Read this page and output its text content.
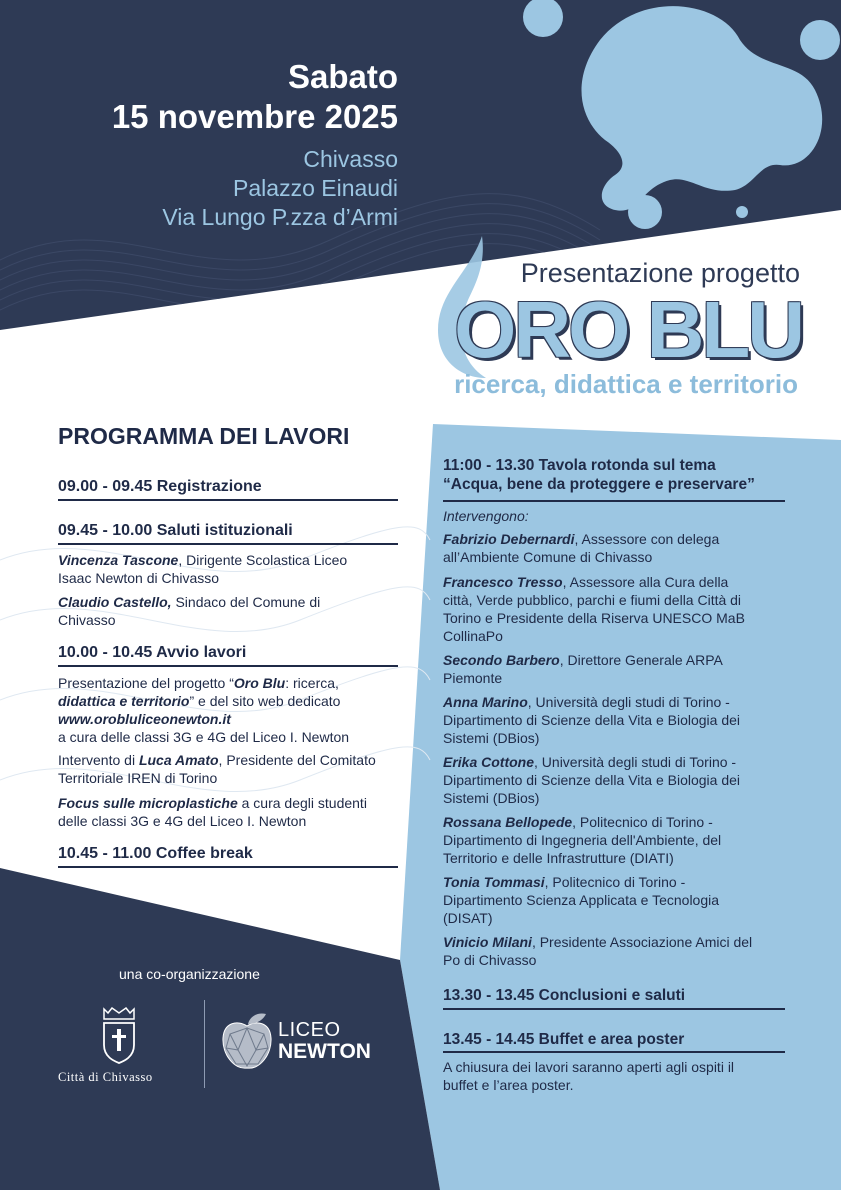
Sabato
15 novembre 2025
Chivasso
Palazzo Einaudi
Via Lungo P.zza d’Armi
Presentazione progetto
ORO BLU
ricerca, didattica e territorio
PROGRAMMA DEI LAVORI
09.00 - 09.45 Registrazione
09.45 - 10.00 Saluti istituzionali
Vincenza Tascone, Dirigente Scolastica Liceo
Isaac Newton di Chivasso
Claudio Castello, Sindaco del Comune di
Chivasso
10.00 - 10.45 Avvio lavori
Presentazione del progetto “Oro Blu: ricerca,
didattica e territorio” e del sito web dedicato
www.orobluliceonewton.it
a cura delle classi 3G e 4G del Liceo I. Newton
Intervento di Luca Amato, Presidente del Comitato
Territoriale IREN di Torino
Focus sulle microplastiche a cura degli studenti
delle classi 3G e 4G del Liceo I. Newton
10.45 - 11.00 Coffee break
11:00 - 13.30 Tavola rotonda sul tema
“Acqua, bene da proteggere e preservare”
Intervengono:
Fabrizio Debernardi, Assessore con delega
all’Ambiente Comune di Chivasso
Francesco Tresso, Assessore alla Cura della
città, Verde pubblico, parchi e fiumi della Città di
Torino e Presidente della Riserva UNESCO MaB
CollinaPo
Secondo Barbero, Direttore Generale ARPA
Piemonte
Anna Marino, Università degli studi di Torino -
Dipartimento di Scienze della Vita e Biologia dei
Sistemi (DBios)
Erika Cottone, Università degli studi di Torino -
Dipartimento di Scienze della Vita e Biologia dei
Sistemi (DBios)
Rossana Bellopede, Politecnico di Torino -
Dipartimento di Ingegneria dell'Ambiente, del
Territorio e delle Infrastrutture (DIATI)
Tonia Tommasi, Politecnico di Torino -
Dipartimento Scienza Applicata e Tecnologia
(DISAT)
Vinicio Milani, Presidente Associazione Amici del
Po di Chivasso
13.30 - 13.45 Conclusioni e saluti
13.45 - 14.45 Buffet e area poster
A chiusura dei lavori saranno aperti agli ospiti il
buffet e l’area poster.
una co-organizzazione
Città di Chivasso
LICEO
NEWTON
